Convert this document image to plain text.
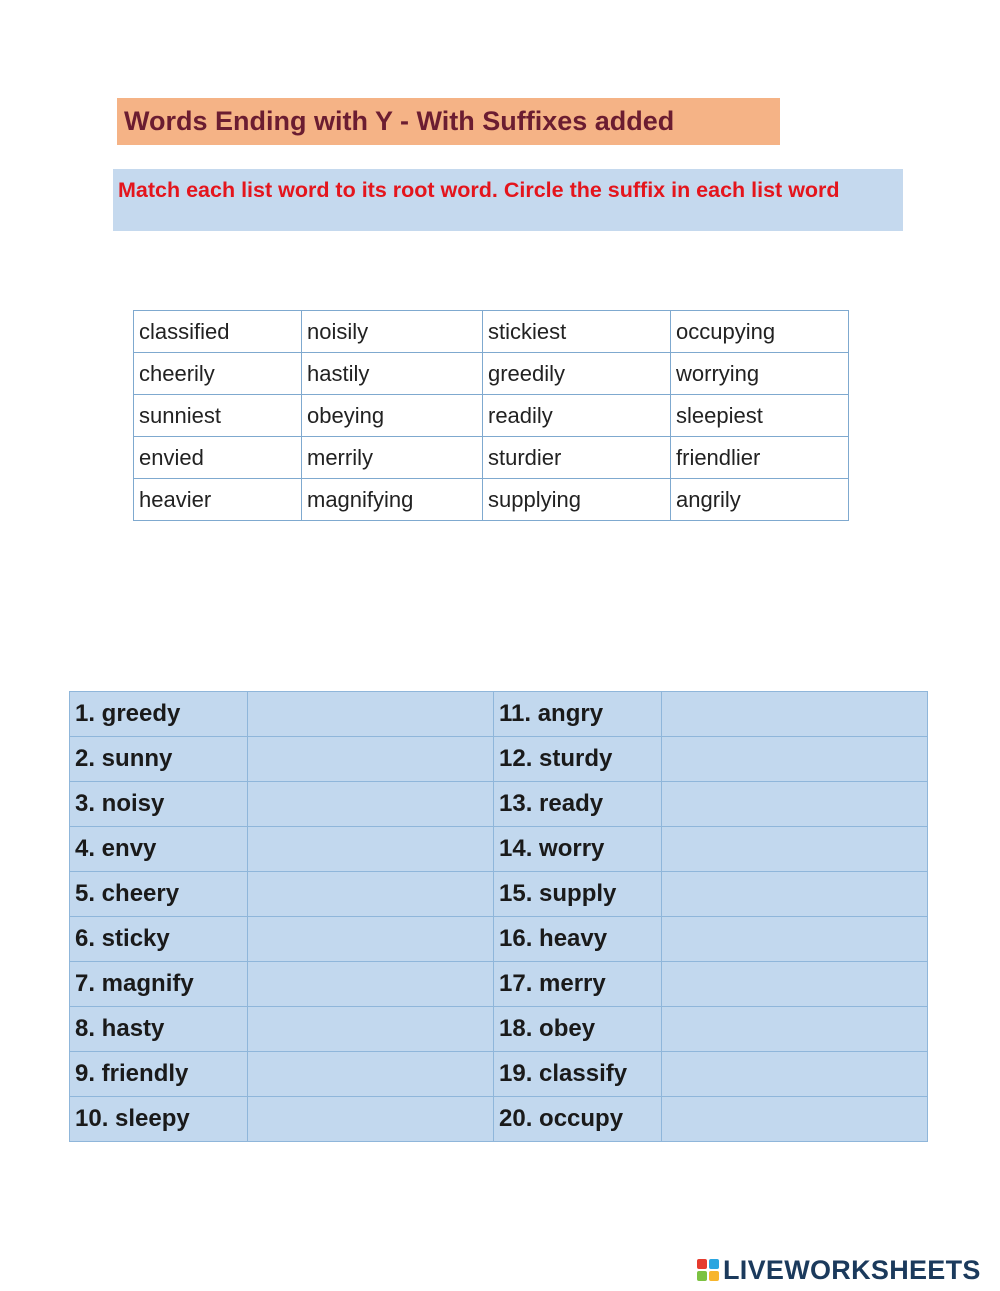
Words Ending with Y - With Suffixes added
Match each list word to its root word. Circle the suffix in each list word
classified	noisily	stickiest	occupying
cheerily	hastily	greedily	worrying
sunniest	obeying	readily	sleepiest
envied	merrily	sturdier	friendlier
heavier	magnifying	supplying	angrily
1. greedy		11. angry	
2. sunny		12. sturdy	
3. noisy		13. ready	
4. envy		14. worry	
5. cheery		15. supply	
6. sticky		16. heavy	
7. magnify		17. merry	
8. hasty		18. obey	
9. friendly		19. classify	
10. sleepy		20. occupy	
LIVEWORKSHEETS
